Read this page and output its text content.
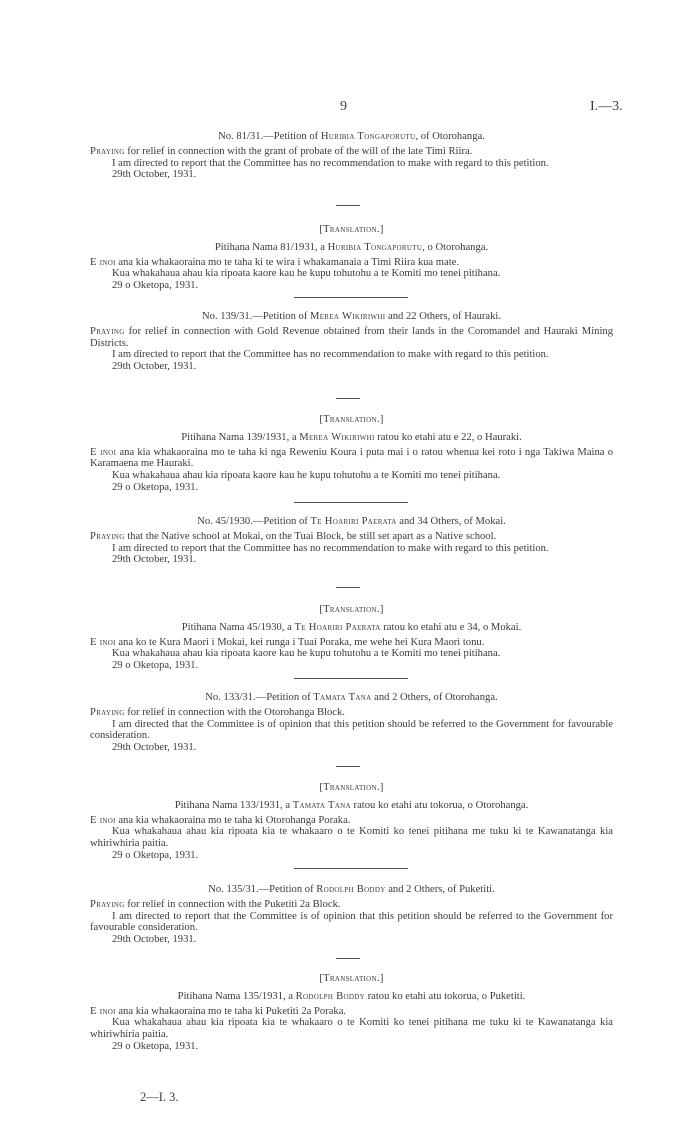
9	I.—3.
No. 81/31.—Petition of Huribia Tongaporutu, of Otorohanga.

Praying for relief in connection with the grant of probate of the will of the late Timi Riira.

I am directed to report that the Committee has no recommendation to make with regard to this petition.

29th October, 1931.
[Translation.]
Pitihana Nama 81/1931, a Huribia Tongaporutu, o Otorohanga.

E inoi ana kia whakaoraina mo te taha ki te wira i whakamanaia a Timi Riira kua mate.

Kua whakahaua ahau kia ripoata kaore kau he kupu tohutohu a te Komiti mo tenei pitihana.

29 o Oketopa, 1931.
No. 139/31.—Petition of Merea Wikiriwhi and 22 Others, of Hauraki.

Praying for relief in connection with Gold Revenue obtained from their lands in the Coromandel and Hauraki Mining Districts.

I am directed to report that the Committee has no recommendation to make with regard to this petition.

29th October, 1931.
[Translation.]
Pitihana Nama 139/1931, a Merea Wikiriwhi ratou ko etahi atu e 22, o Hauraki.

E inoi ana kia whakaoraina mo te taha ki nga Reweniu Koura i puta mai i o ratou whenua kei roto i nga Takiwa Maina o Karamaena me Hauraki.

Kua whakahaua ahau kia ripoata kaore kau he kupu tohutohu a te Komiti mo tenei pitihana.

29 o Oketopa, 1931.
No. 45/1930.—Petition of Te Hoariri Paerata and 34 Others, of Mokai.

Praying that the Native school at Mokai, on the Tuai Block, be still set apart as a Native school.

I am directed to report that the Committee has no recommendation to make with regard to this petition.

29th October, 1931.
[Translation.]
Pitihana Nama 45/1930, a Te Hoariri Paerata ratou ko etahi atu e 34, o Mokai.

E inoi ana ko te Kura Maori i Mokai, kei runga i Tuai Poraka, me wehe hei Kura Maori tonu.

Kua whakahaua ahau kia ripoata kaore kau he kupu tohutohu a te Komiti mo tenei pitihana.

29 o Oketopa, 1931.
No. 133/31.—Petition of Tamata Tana and 2 Others, of Otorohanga.

Praying for relief in connection with the Otorohanga Block.

I am directed that the Committee is of opinion that this petition should be referred to the Government for favourable consideration.

29th October, 1931.
[Translation.]
Pitihana Nama 133/1931, a Tamata Tana ratou ko etahi atu tokorua, o Otorohanga.

E inoi ana kia whakaoraina mo te taha ki Otorohanga Poraka.

Kua whakahaua ahau kia ripoata kia te whakaaro o te Komiti ko tenei pitihana me tuku ki te Kawanatanga kia whiriwhiria paitia.

29 o Oketopa, 1931.
No. 135/31.—Petition of Rodolph Boddy and 2 Others, of Puketiti.

Praying for relief in connection with the Puketiti 2a Block.

I am directed to report that the Committee is of opinion that this petition should be referred to the Government for favourable consideration.

29th October, 1931.
[Translation.]
Pitihana Nama 135/1931, a Rodolph Boddy ratou ko etahi atu tokorua, o Puketiti.

E inoi ana kia whakaoraina mo te taha ki Puketiti 2a Poraka.

Kua whakahaua ahau kia ripoata kia te whakaaro o te Komiti ko tenei pitihana me tuku ki te Kawanatanga kia whiriwhiria paitia.

29 o Oketopa, 1931.
2—I. 3.
